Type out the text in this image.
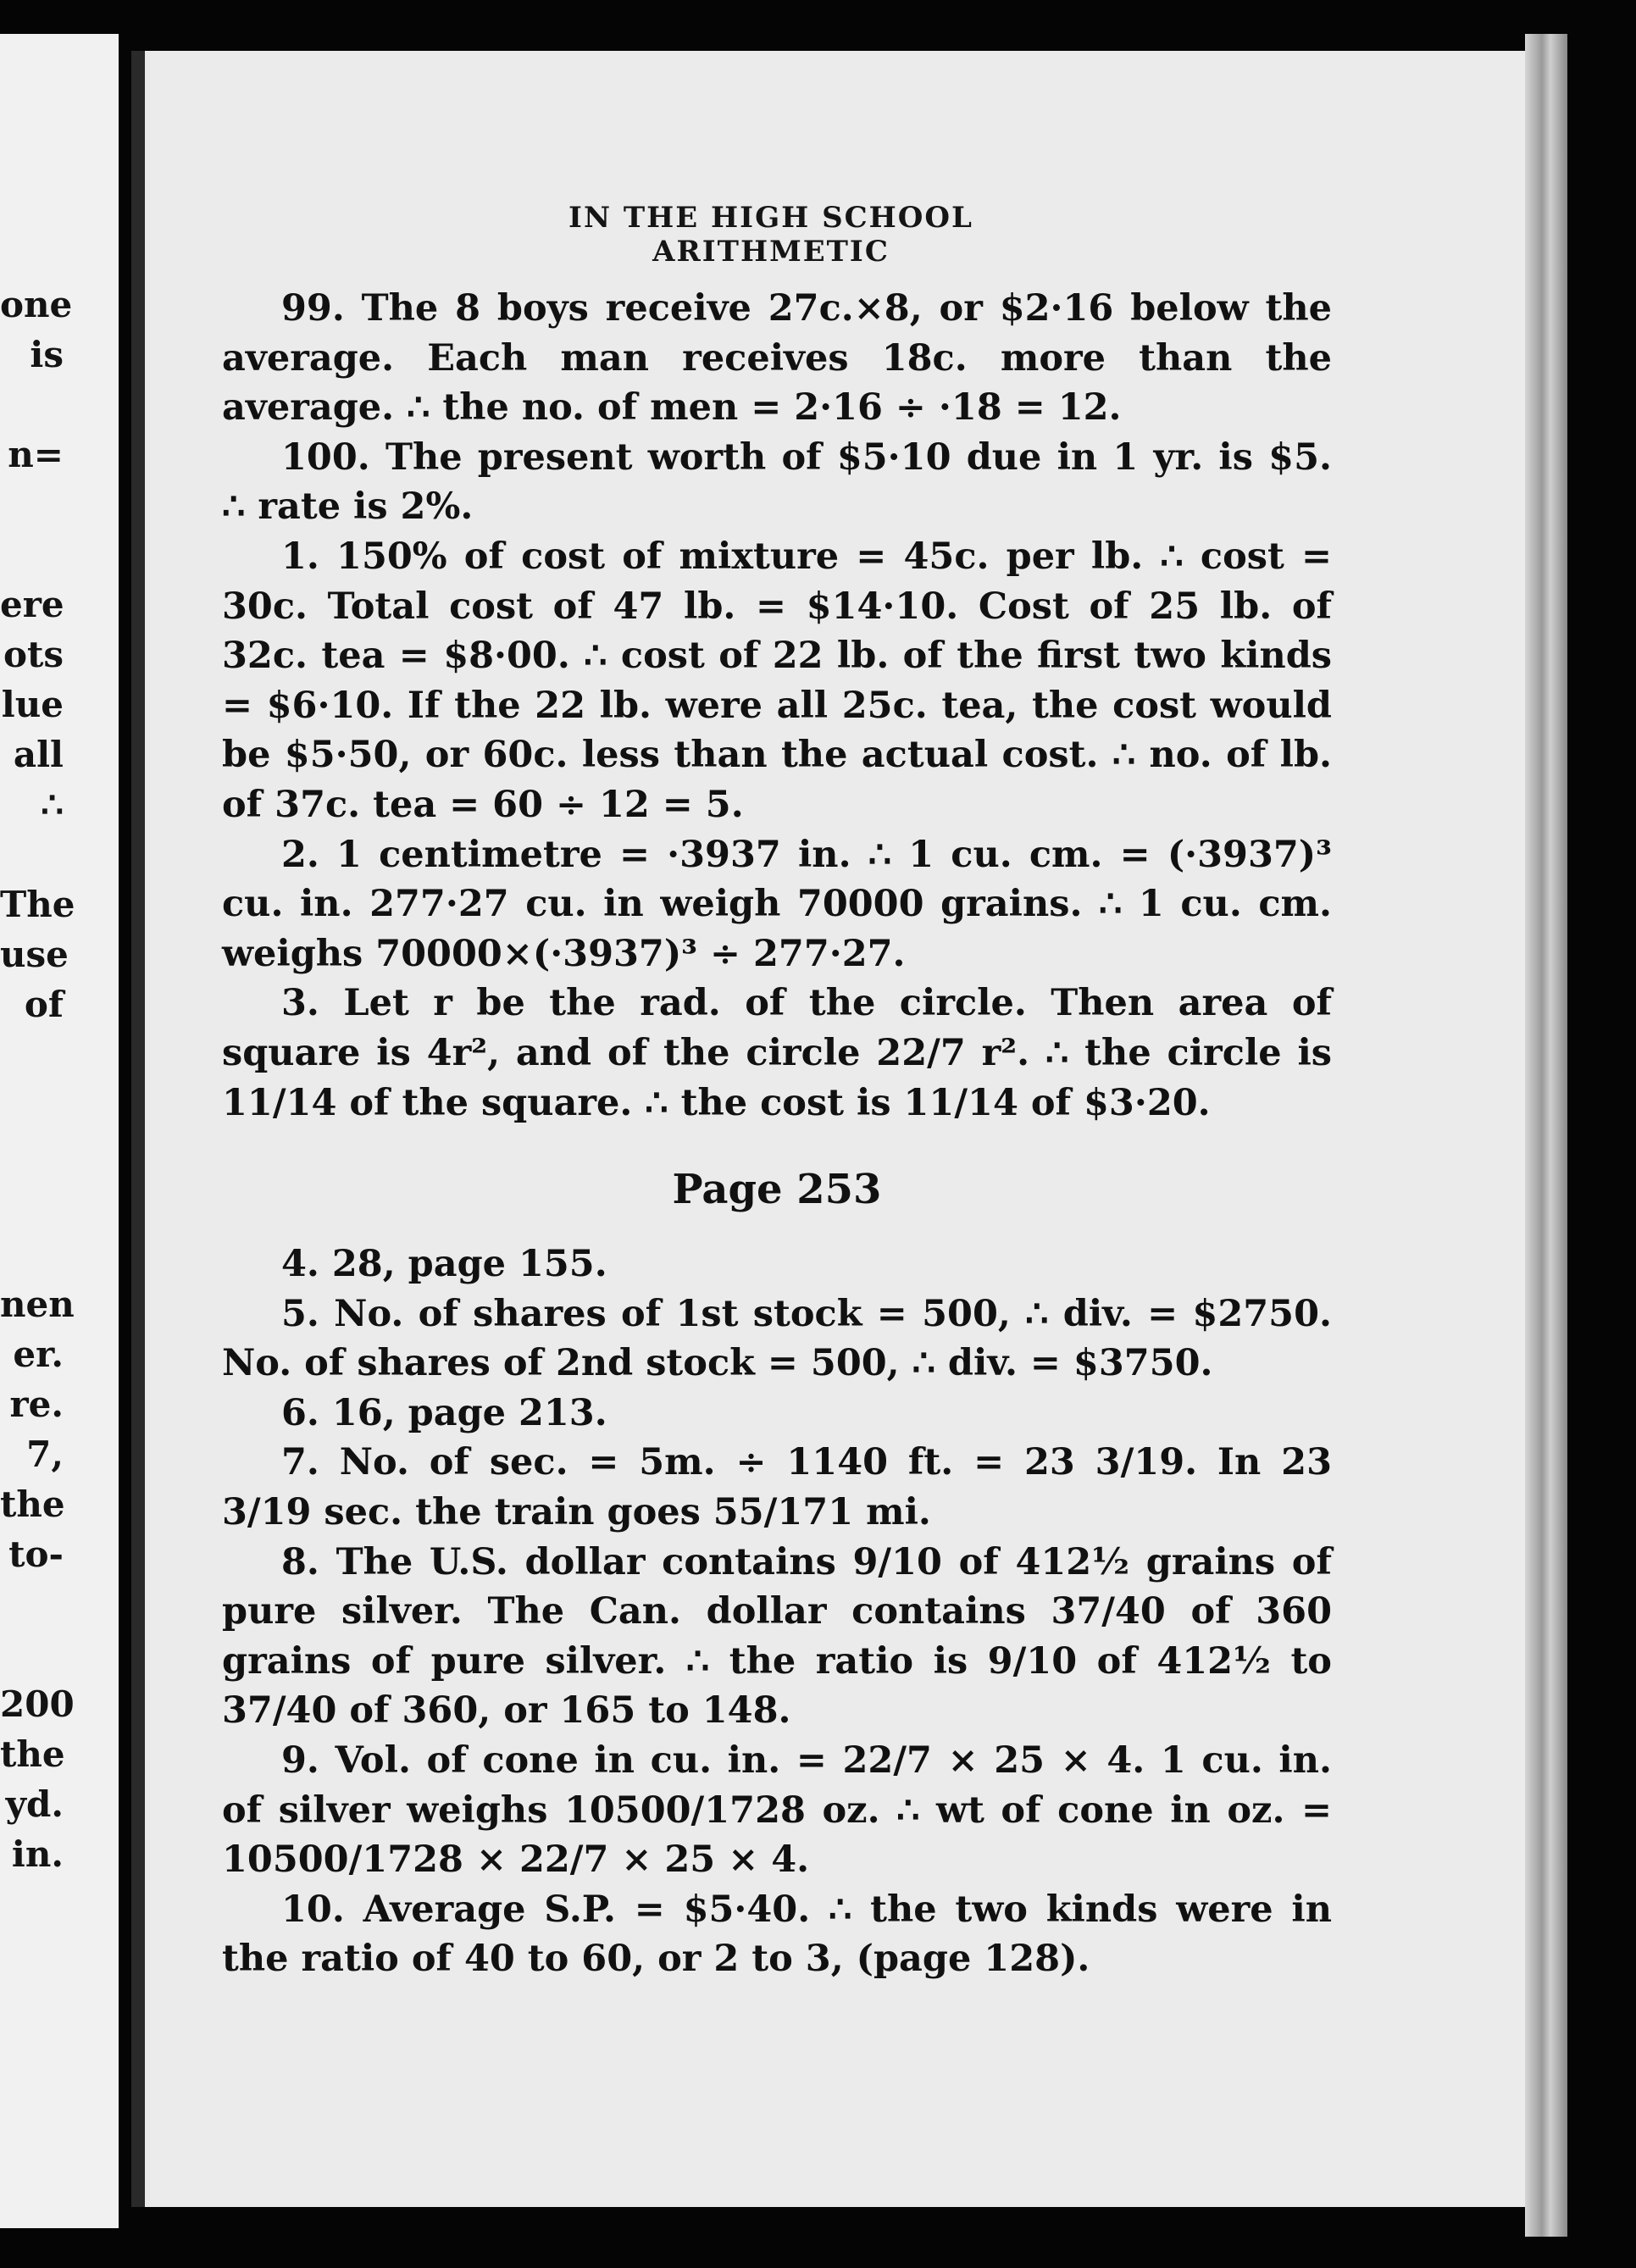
one
is
n=
ere
ots
lue
all
∴
The
use
of
nen
er.
re.
7,
the
to-
200
the
yd.
in.
IN THE HIGH SCHOOL ARITHMETIC
99. The 8 boys receive 27c.×8, or $2·16 below the average. Each man receives 18c. more than the average. ∴ the no. of men = 2·16 ÷ ·18 = 12.
100. The present worth of $5·10 due in 1 yr. is $5. ∴ rate is 2%.
1. 150% of cost of mixture = 45c. per lb. ∴ cost = 30c. Total cost of 47 lb. = $14·10. Cost of 25 lb. of 32c. tea = $8·00. ∴ cost of 22 lb. of the first two kinds = $6·10. If the 22 lb. were all 25c. tea, the cost would be $5·50, or 60c. less than the actual cost. ∴ no. of lb. of 37c. tea = 60 ÷ 12 = 5.
2. 1 centimetre = ·3937 in. ∴ 1 cu. cm. = (·3937)³ cu. in. 277·27 cu. in weigh 70000 grains. ∴ 1 cu. cm. weighs 70000×(·3937)³ ÷ 277·27.
3. Let r be the rad. of the circle. Then area of square is 4r², and of the circle 22/7 r². ∴ the circle is 11/14 of the square. ∴ the cost is 11/14 of $3·20.
Page 253
4. 28, page 155.
5. No. of shares of 1st stock = 500, ∴ div. = $2750. No. of shares of 2nd stock = 500, ∴ div. = $3750.
6. 16, page 213.
7. No. of sec. = 5m. ÷ 1140 ft. = 23 3/19. In 23 3/19 sec. the train goes 55/171 mi.
8. The U.S. dollar contains 9/10 of 412½ grains of pure silver. The Can. dollar contains 37/40 of 360 grains of pure silver. ∴ the ratio is 9/10 of 412½ to 37/40 of 360, or 165 to 148.
9. Vol. of cone in cu. in. = 22/7 × 25 × 4. 1 cu. in. of silver weighs 10500/1728 oz. ∴ wt of cone in oz. = 10500/1728 × 22/7 × 25 × 4.
10. Average S.P. = $5·40. ∴ the two kinds were in the ratio of 40 to 60, or 2 to 3, (page 128).
